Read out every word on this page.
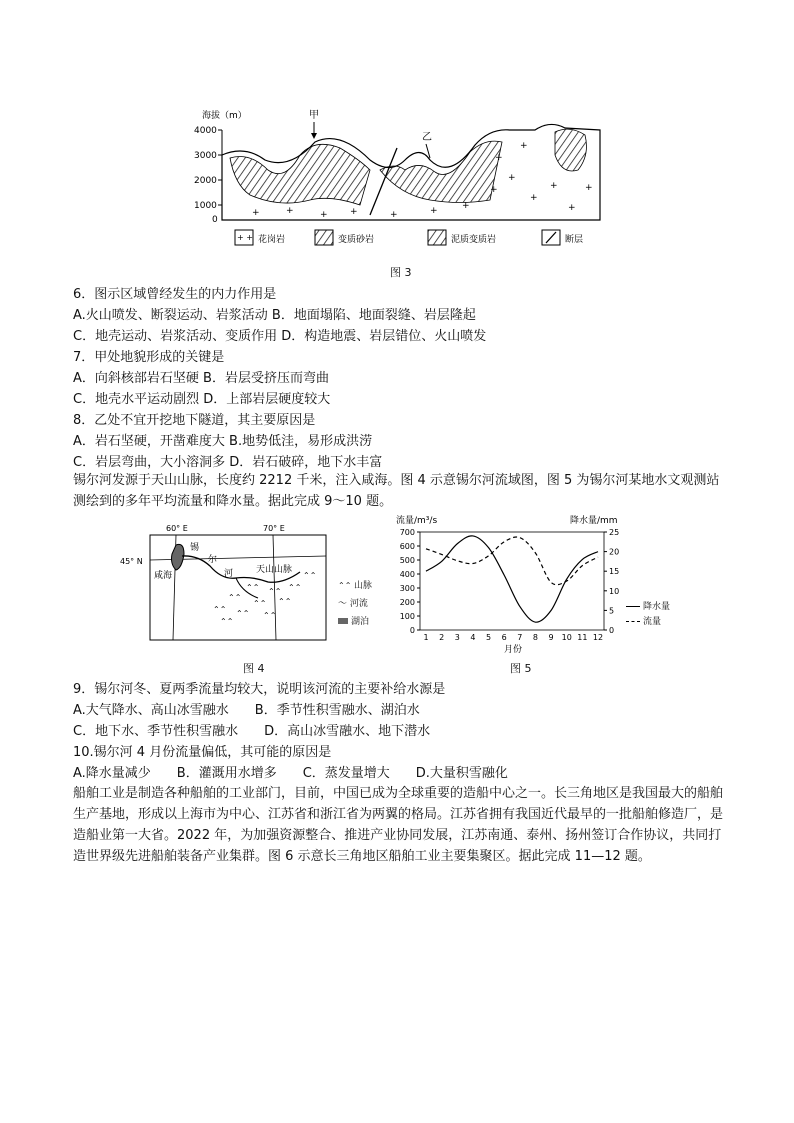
海拔（m）
4000
3000
2000
1000
0
+	+	+ +	+	+	+
+
+
+
+
+
+
+
+
甲
乙
+ + 花岗岩	变质砂岩	泥质变质岩	断层
图 3
6．图示区域曾经发生的内力作用是
A.火山喷发、断裂运动、岩浆活动 B．地面塌陷、地面裂缝、岩层隆起
C．地壳运动、岩浆活动、变质作用 D．构造地震、岩层错位、火山喷发
7．甲处地貌形成的关键是
A．向斜核部岩石坚硬 B．岩层受挤压而弯曲
C．地壳水平运动剧烈 D．上部岩层硬度较大
8．乙处不宜开挖地下隧道，其主要原因是
A．岩石坚硬，开凿难度大 B.地势低洼，易形成洪涝
C．岩层弯曲，大小溶洞多 D．岩石破碎，地下水丰富
锡尔河发源于天山山脉，长度约 2212 千米，注入咸海。图 4 示意锡尔河流域图，图 5 为锡尔河某地水文观测站测绘到的多年平均流量和降水量。据此完成 9～10 题。
60° E	70° E
45° N
咸海
锡
尔
河	天山山脉
⌃⌃ ⌃⌃ ⌃⌃
⌃⌃
⌃⌃ ⌃⌃
⌃⌃ ⌃⌃ ⌃⌃
⌃⌃
⌃⌃
⌃⌃ 山脉
〜 河流
湖泊
图 4
流量/m³/s	降水量/mm
0
100
200
300
400
500
600
700
0
5
10
15
20
25
1 2 3 4 5 6 7 8 9 10 11 12
月份
降水量
流量
图 5
9．锡尔河冬、夏两季流量均较大，说明该河流的主要补给水源是
A.大气降水、高山冰雪融水　　B．季节性积雪融水、湖泊水
C．地下水、季节性积雪融水　　D．高山冰雪融水、地下潜水
10.锡尔河 4 月份流量偏低，其可能的原因是
A.降水量减少　　B．灌溉用水增多　　C．蒸发量增大　　D.大量积雪融化
船舶工业是制造各种船舶的工业部门，目前，中国已成为全球重要的造船中心之一。长三角地区是我国最大的船舶生产基地，形成以上海市为中心、江苏省和浙江省为两翼的格局。江苏省拥有我国近代最早的一批船舶修造厂，是造船业第一大省。2022 年，为加强资源整合、推进产业协同发展，江苏南通、泰州、扬州签订合作协议，共同打造世界级先进船舶装备产业集群。图 6 示意长三角地区船舶工业主要集聚区。据此完成 11—12 题。
